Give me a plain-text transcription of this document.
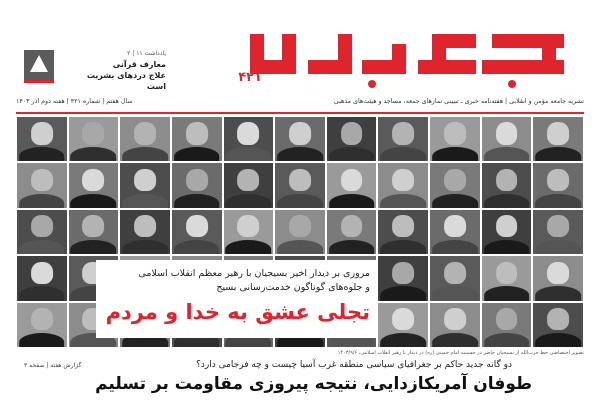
۴۲۱
یادداشت ۱۱ | ۲
معارف قرآنی
علاج دردهای بشریت است
نشریه جامعه مؤمن و انقلابی | هفته‌نامه خبری ـ تبیینی نمازهای جمعه، مساجد و هیئت‌های مذهبی
سال هفتم | شماره ۴۲۱ | هفته دوم آذر ۱۴۰۳
مروری بر دیدار اخیر بسیجیان با رهبر معظم انقلاب اسلامی
و جلوه‌های گوناگون خدمت‌رسانی بسیج
تجلی عشق به خدا و مردم
تصویر اختصاصی خط حزب‌الله از بسیجیان حاضر در حسینیه امام خمینی (ره) در دیدار با رهبر انقلاب اسلامی، ۱۴۰۳/۹/۶
گزارش هفته | صفحه ۳	دو گانه جدید حاکم بر جغرافیای سیاسی منطقه غرب آسیا چیست و چه فرجامی دارد؟
طوفان آمریکازدایی، نتیجه پیروزی مقاومت بر تسلیم
